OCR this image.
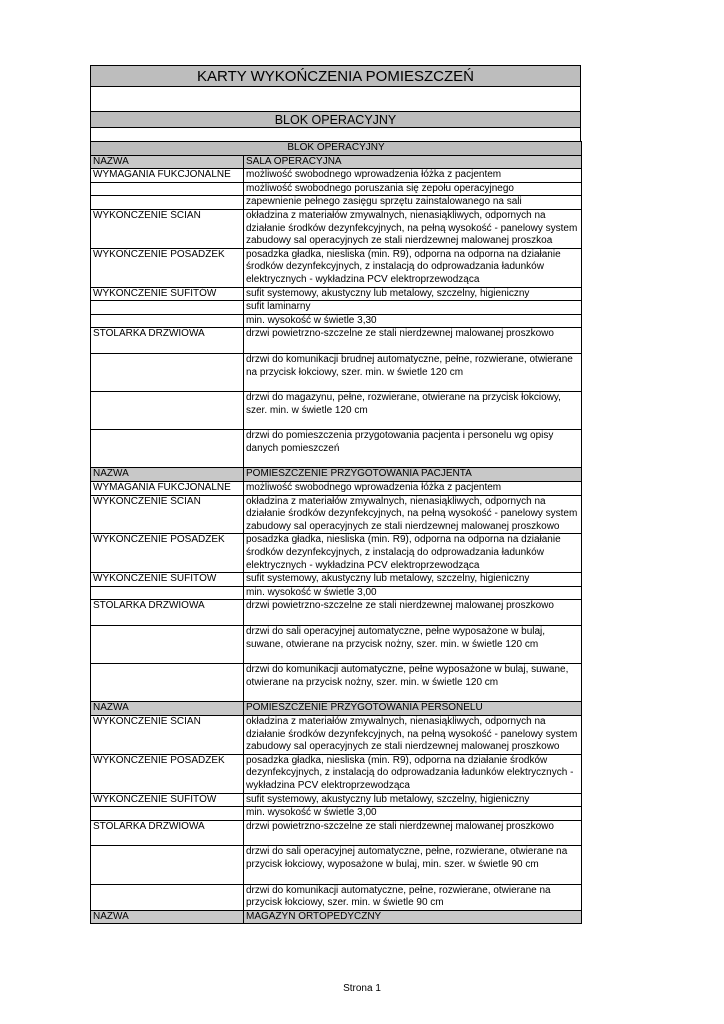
KARTY WYKOŃCZENIA POMIESZCZEŃ
BLOK OPERACYJNY
BLOK OPERACYJNY	
NAZWA	SALA OPERACYJNA
WYMAGANIA FUKCJONALNE	możliwość swobodnego wprowadzenia łóżka z pacjentem
	możliwość swobodnego poruszania się zepołu operacyjnego
	zapewnienie pełnego zasięgu sprzętu zainstalowanego na sali
WYKOŃCZENIE ŚCIAN	okładzina z materiałów zmywalnych, nienasiąkliwych, odpornych na działanie środków dezynfekcyjnych, na pełną wysokość - panelowy system zabudowy sal operacyjnych ze stali nierdzewnej malowanej proszkoa
WYKOŃCZENIE POSADZEK	posadzka gładka, niesliska (min. R9), odporna na odporna na działanie środków dezynfekcyjnych, z instalacją do odprowadzania ładunków elektrycznych - wykładzina PCV elektroprzewodząca
WYKOŃCZENIE SUFITÓW	sufit systemowy, akustyczny lub metalowy, szczelny, higieniczny
	sufit laminarny
	min. wysokość w świetle 3,30
STOLARKA DRZWIOWA	drzwi powietrzno-szczelne ze stali nierdzewnej malowanej proszkowo
	drzwi do komunikacji brudnej automatyczne, pełne, rozwierane, otwierane na przycisk łokciowy, szer. min. w świetle 120 cm
	drzwi do magazynu, pełne, rozwierane, otwierane na przycisk łokciowy, szer. min. w świetle 120 cm
	drzwi do pomieszczenia przygotowania pacjenta i personelu wg opisy danych pomieszczeń
NAZWA	POMIESZCZENIE PRZYGOTOWANIA PACJENTA
WYMAGANIA FUKCJONALNE	możliwość swobodnego wprowadzenia łóżka z pacjentem
WYKOŃCZENIE ŚCIAN	okładzina z materiałów zmywalnych, nienasiąkliwych, odpornych na działanie środków dezynfekcyjnych, na pełną wysokość - panelowy system zabudowy sal operacyjnych ze stali nierdzewnej malowanej proszkowo
WYKOŃCZENIE POSADZEK	posadzka gładka, niesliska (min. R9), odporna na odporna na działanie środków dezynfekcyjnych, z instalacją do odprowadzania ładunków elektrycznych - wykładzina PCV elektroprzewodząca
WYKOŃCZENIE SUFITÓW	sufit systemowy, akustyczny lub metalowy, szczelny, higieniczny
	min. wysokość w świetle 3,00
STOLARKA DRZWIOWA	drzwi powietrzno-szczelne ze stali nierdzewnej malowanej proszkowo
	drzwi do sali operacyjnej automatyczne, pełne wyposażone w bulaj, suwane, otwierane na przycisk nożny, szer. min. w świetle 120 cm
	drzwi do komunikacji automatyczne, pełne wyposażone w bulaj, suwane, otwierane na przycisk nożny, szer. min. w świetle 120 cm
NAZWA	POMIESZCZENIE PRZYGOTOWANIA PERSONELU
WYKOŃCZENIE ŚCIAN	okładzina z materiałów zmywalnych, nienasiąkliwych, odpornych na działanie środków dezynfekcyjnych, na pełną wysokość - panelowy system zabudowy sal operacyjnych ze stali nierdzewnej malowanej proszkowo
WYKOŃCZENIE POSADZEK	posadzka gładka, niesliska (min. R9), odporna na działanie środków dezynfekcyjnych, z instalacją do odprowadzania ładunków elektrycznych - wykładzina PCV elektroprzewodząca
WYKOŃCZENIE SUFITÓW	sufit systemowy, akustyczny lub metalowy, szczelny, higieniczny
	min. wysokość w świetle 3,00
STOLARKA DRZWIOWA	drzwi powietrzno-szczelne ze stali nierdzewnej malowanej proszkowo
	drzwi do sali operacyjnej automatyczne, pełne, rozwierane, otwierane na przycisk łokciowy, wyposażone w bulaj, min. szer. w świetle 90 cm
	drzwi do komunikacji automatyczne, pełne, rozwierane, otwierane na przycisk łokciowy, szer. min. w świetle 90 cm
NAZWA	MAGAZYN ORTOPEDYCZNY
Strona 1
